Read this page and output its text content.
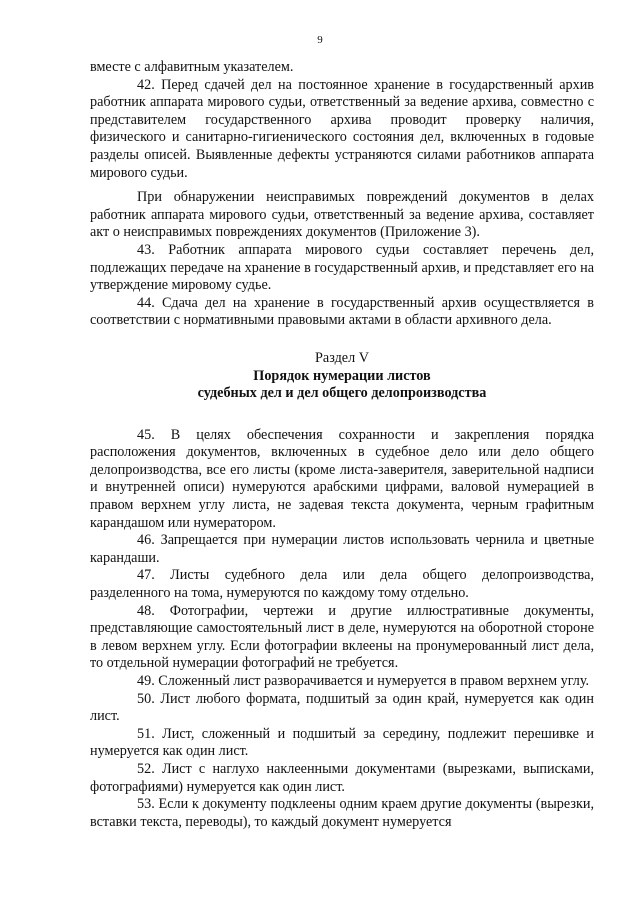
9

вместе с алфавитным указателем.

42. Перед сдачей дел на постоянное хранение в государственный архив работник аппарата мирового судьи, ответственный за ведение архива, совместно с представителем государственного архива проводит проверку наличия, физического и санитарно-гигиенического состояния дел, включенных в годовые разделы описей. Выявленные дефекты устраняются силами работников аппарата мирового судьи.

При обнаружении неисправимых повреждений документов в делах работник аппарата мирового судьи, ответственный за ведение архива, составляет акт о неисправимых повреждениях документов (Приложение 3).

43. Работник аппарата мирового судьи составляет перечень дел, подлежащих передаче на хранение в государственный архив, и представляет его на утверждение мировому судье.

44. Сдача дел на хранение в государственный архив осуществляется в соответствии с нормативными правовыми актами в области архивного дела.

Раздел V
Порядок нумерации листов
судебных дел и дел общего делопроизводства

45. В целях обеспечения сохранности и закрепления порядка расположения документов, включенных в судебное дело или дело общего делопроизводства, все его листы (кроме листа-заверителя, заверительной надписи и внутренней описи) нумеруются арабскими цифрами, валовой нумерацией в правом верхнем углу листа, не задевая текста документа, черным графитным карандашом или нумератором.

46. Запрещается при нумерации листов использовать чернила и цветные карандаши.

47. Листы судебного дела или дела общего делопроизводства, разделенного на тома, нумеруются по каждому тому отдельно.

48. Фотографии, чертежи и другие иллюстративные документы, представляющие самостоятельный лист в деле, нумеруются на оборотной стороне в левом верхнем углу. Если фотографии вклеены на пронумерованный лист дела, то отдельной нумерации фотографий не требуется.

49. Сложенный лист разворачивается и нумеруется в правом верхнем углу.

50. Лист любого формата, подшитый за один край, нумеруется как один лист.

51. Лист, сложенный и подшитый за середину, подлежит перешивке и нумеруется как один лист.

52. Лист с наглухо наклеенными документами (вырезками, выписками, фотографиями) нумеруется как один лист.

53. Если к документу подклеены одним краем другие документы (вырезки, вставки текста, переводы), то каждый документ нумеруется
